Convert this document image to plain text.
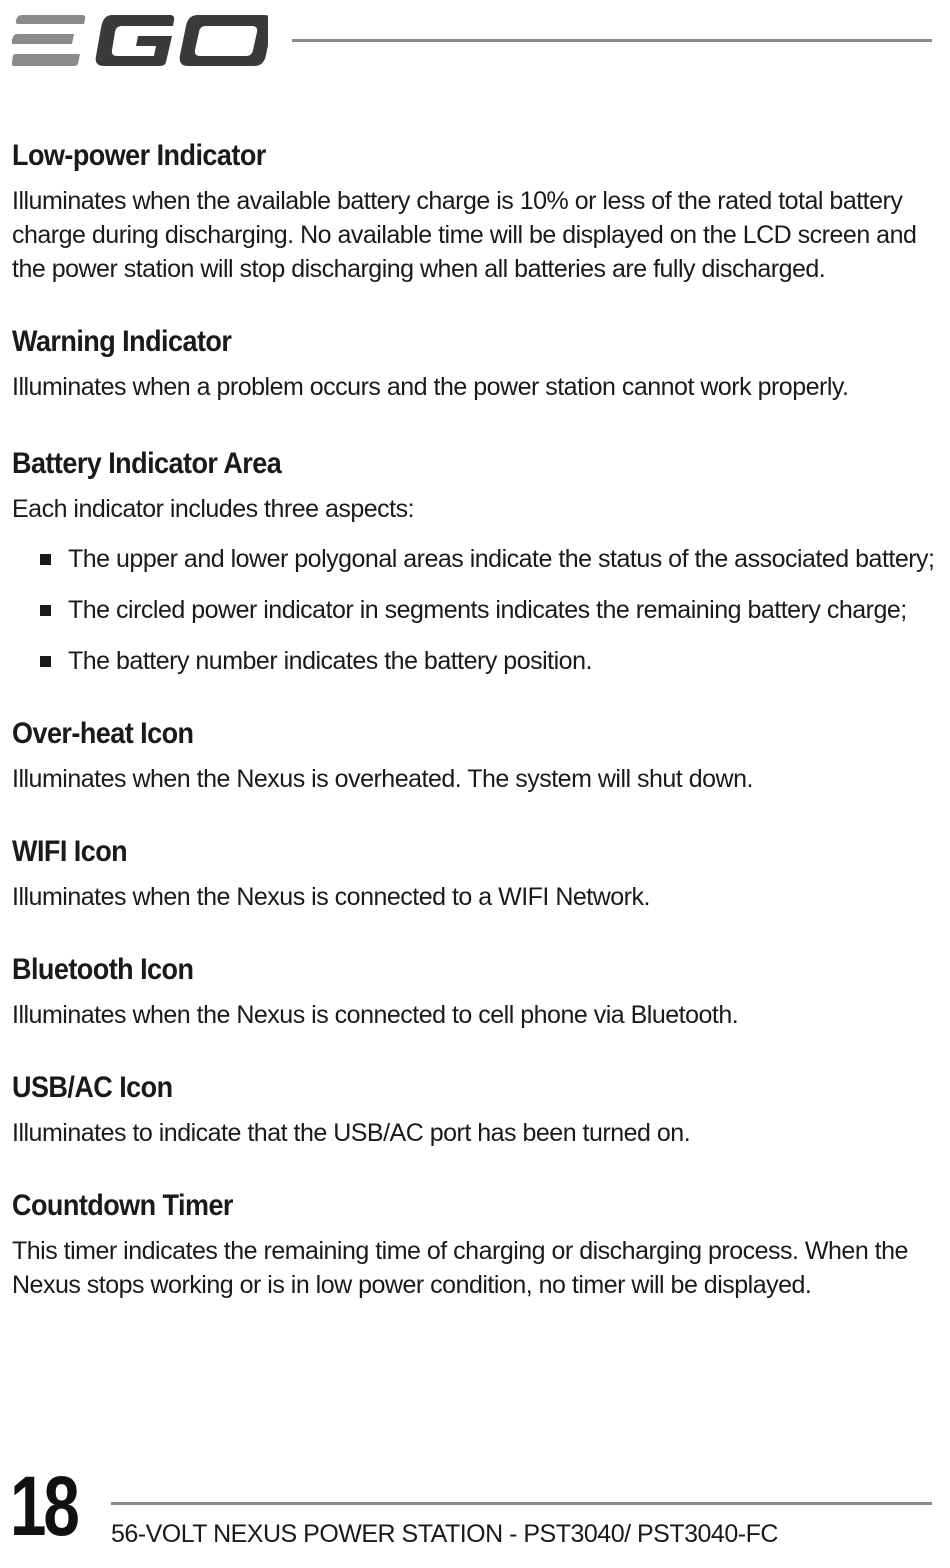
Low-power Indicator

Illuminates when the available battery charge is 10% or less of the rated total battery charge during discharging. No available time will be displayed on the LCD screen and the power station will stop discharging when all batteries are fully discharged.

Warning Indicator

Illuminates when a problem occurs and the power station cannot work properly.

Battery Indicator Area

Each indicator includes three aspects:

The upper and lower polygonal areas indicate the status of the associated battery;
The circled power indicator in segments indicates the remaining battery charge;
The battery number indicates the battery position.
Over-heat Icon

Illuminates when the Nexus is overheated. The system will shut down.

WIFI Icon

Illuminates when the Nexus is connected to a WIFI Network.

Bluetooth Icon

Illuminates when the Nexus is connected to cell phone via Bluetooth.

USB/AC Icon

Illuminates to indicate that the USB/AC port has been turned on.

Countdown Timer

This timer indicates the remaining time of charging or discharging process. When the Nexus stops working or is in low power condition, no timer will be displayed.

18 56-VOLT NEXUS POWER STATION - PST3040/ PST3040-FC
